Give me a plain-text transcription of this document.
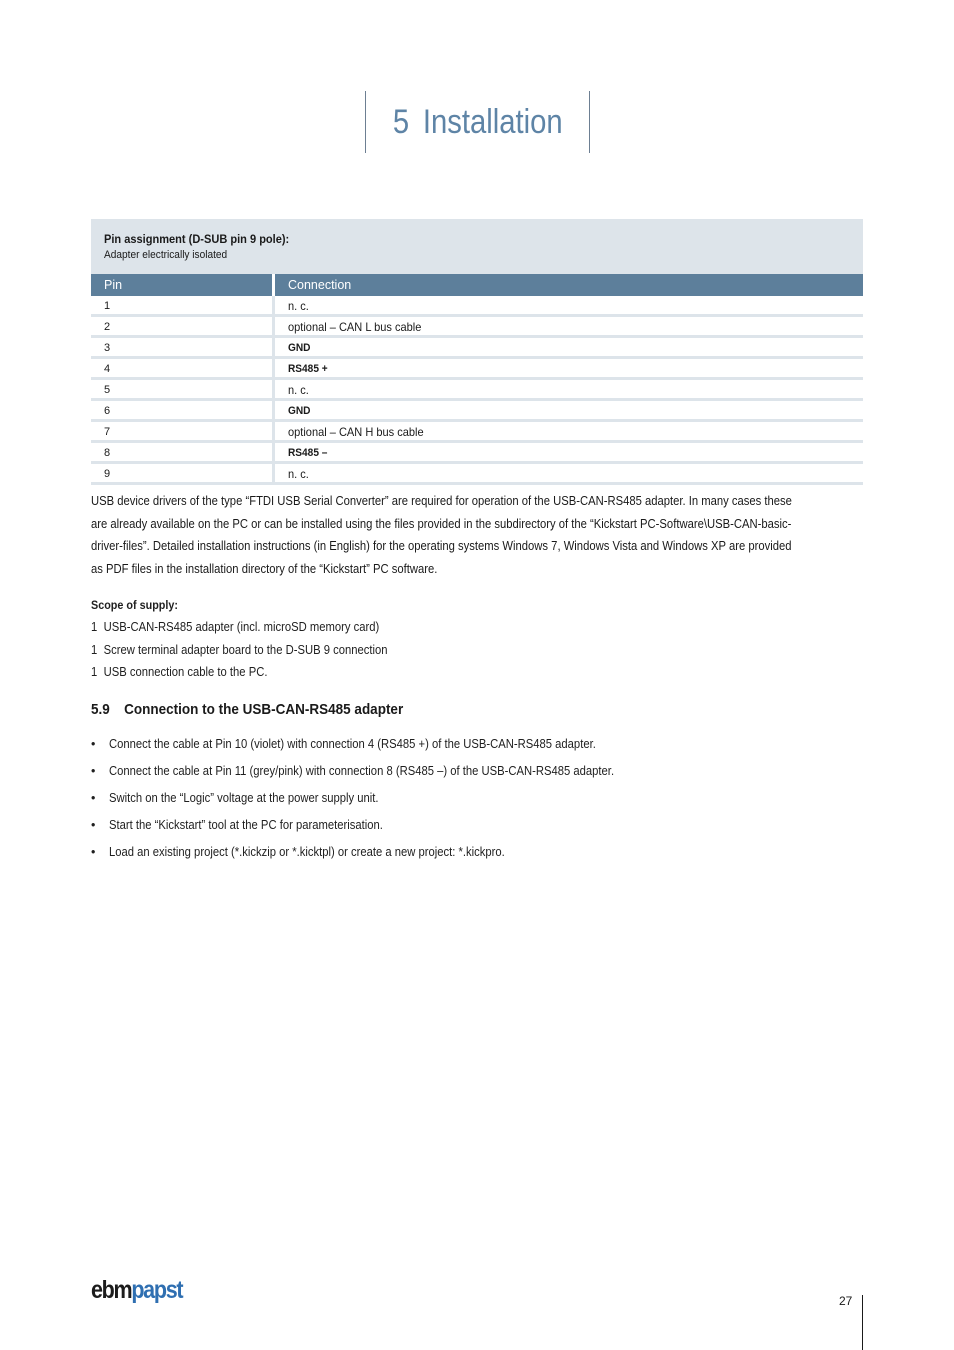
5 Installation
Pin assignment (D-SUB pin 9 pole):
Adapter electrically isolated
Pin	Connection
1	n. c.
2	optional – CAN L bus cable
3	GND
4	RS485 +
5	n. c.
6	GND
7	optional – CAN H bus cable
8	RS485 –
9	n. c.
USB device drivers of the type “FTDI USB Serial Converter” are required for operation of the USB-CAN-RS485 adapter. In many cases these
are already available on the PC or can be installed using the files provided in the subdirectory of the “Kickstart PC-Software\USB-CAN-basic-
driver-files”. Detailed installation instructions (in English) for the operating systems Windows 7, Windows Vista and Windows XP are provided
as PDF files in the installation directory of the “Kickstart” PC software.
Scope of supply:
1 USB-CAN-RS485 adapter (incl. microSD memory card)
1 Screw terminal adapter board to the D-SUB 9 connection
1 USB connection cable to the PC.
5.9 Connection to the USB-CAN-RS485 adapter
•	Connect the cable at Pin 10 (violet) with connection 4 (RS485 +) of the USB-CAN-RS485 adapter.
•	Connect the cable at Pin 11 (grey/pink) with connection 8 (RS485 –) of the USB-CAN-RS485 adapter.
•	Switch on the “Logic” voltage at the power supply unit.
•	Start the “Kickstart” tool at the PC for parameterisation.
•	Load an existing project (*.kickzip or *.kicktpl) or create a new project: *.kickpro.
ebmpapst	27
